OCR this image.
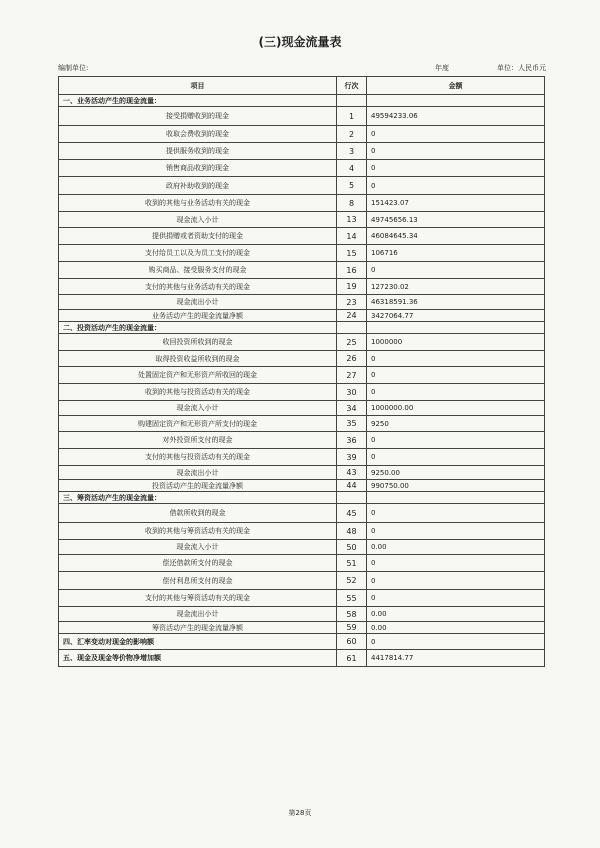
(三)现金流量表
编制单位:	年度	单位：人民币元
项目	行次	金额
一、业务活动产生的现金流量：		
接受捐赠收到的现金	1	49594233.06
收取会费收到的现金	2	0
提供服务收到的现金	3	0
销售商品收到的现金	4	0
政府补助收到的现金	5	0
收到的其他与业务活动有关的现金	8	151423.07
现金流入小计	13	49745656.13
提供捐赠或者资助支付的现金	14	46084645.34
支付给员工以及为员工支付的现金	15	106716
购买商品、接受服务支付的现金	16	0
支付的其他与业务活动有关的现金	19	127230.02
现金流出小计	23	46318591.36
业务活动产生的现金流量净额	24	3427064.77
二、投资活动产生的现金流量：		
收回投资所收到的现金	25	1000000
取得投资收益所收到的现金	26	0
处置固定资产和无形资产所收回的现金	27	0
收到的其他与投资活动有关的现金	30	0
现金流入小计	34	1000000.00
购建固定资产和无形资产所支付的现金	35	9250
对外投资所支付的现金	36	0
支付的其他与投资活动有关的现金	39	0
现金流出小计	43	9250.00
投资活动产生的现金流量净额	44	990750.00
三、筹资活动产生的现金流量：		
借款所收到的现金	45	0
收到的其他与筹资活动有关的现金	48	0
现金流入小计	50	0.00
偿还借款所支付的现金	51	0
偿付利息所支付的现金	52	0
支付的其他与筹资活动有关的现金	55	0
现金流出小计	58	0.00
筹资活动产生的现金流量净额	59	0.00
四、汇率变动对现金的影响额	60	0
五、现金及现金等价物净增加额	61	4417814.77
第28页
